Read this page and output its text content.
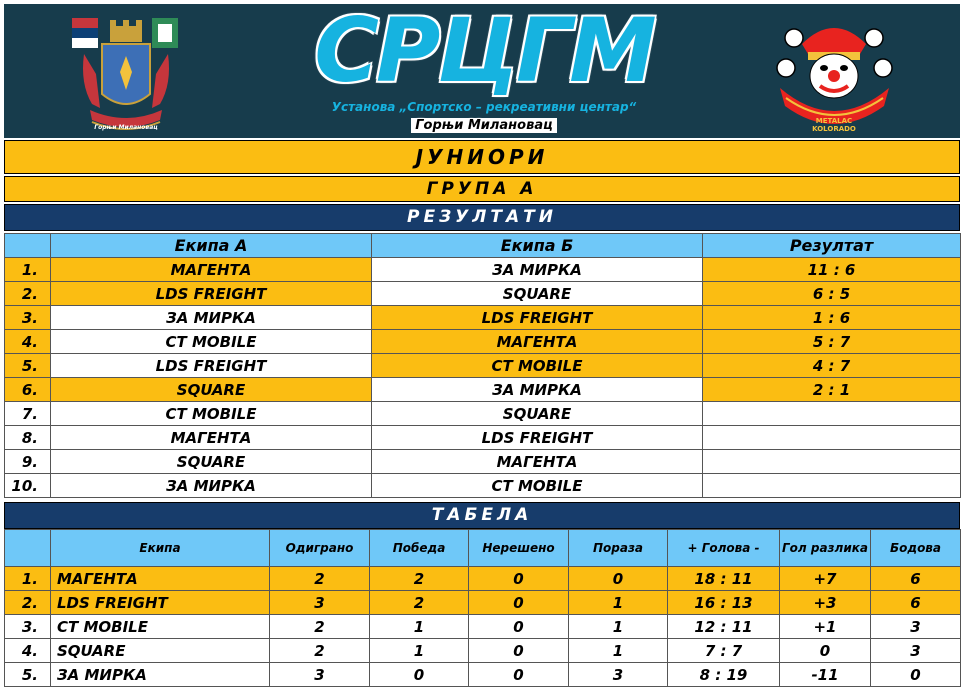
Горњи Милановац
СРЦГМ
Установа „Спортско – рекреативни центар“
Горњи Милановац	METALAC KOLORADO
ЈУНИОРИ
ГРУПА А
РЕЗУЛТАТИ
	Екипа А	Екипа Б	Резултат
1.	МАГЕНТА	ЗА МИРКА	11 : 6
2.	LDS FREIGHT	SQUARE	6 : 5
3.	ЗА МИРКА	LDS FREIGHT	1 : 6
4.	CT MOBILE	МАГЕНТА	5 : 7
5.	LDS FREIGHT	CT MOBILE	4 : 7
6.	SQUARE	ЗА МИРКА	2 : 1
7.	CT MOBILE	SQUARE	
8.	МАГЕНТА	LDS FREIGHT	
9.	SQUARE	МАГЕНТА	
10.	ЗА МИРКА	CT MOBILE	
ТАБЕЛА
	Екипа	Одиграно	Победа	Нерешено	Пораза	+ Голова -	Гол разлика	Бодова
1.	МАГЕНТА	2	2	0	0	18 : 11	+7	6
2.	LDS FREIGHT	3	2	0	1	16 : 13	+3	6
3.	CT MOBILE	2	1	0	1	12 : 11	+1	3
4.	SQUARE	2	1	0	1	7 : 7	0	3
5.	ЗА МИРКА	3	0	0	3	8 : 19	-11	0
